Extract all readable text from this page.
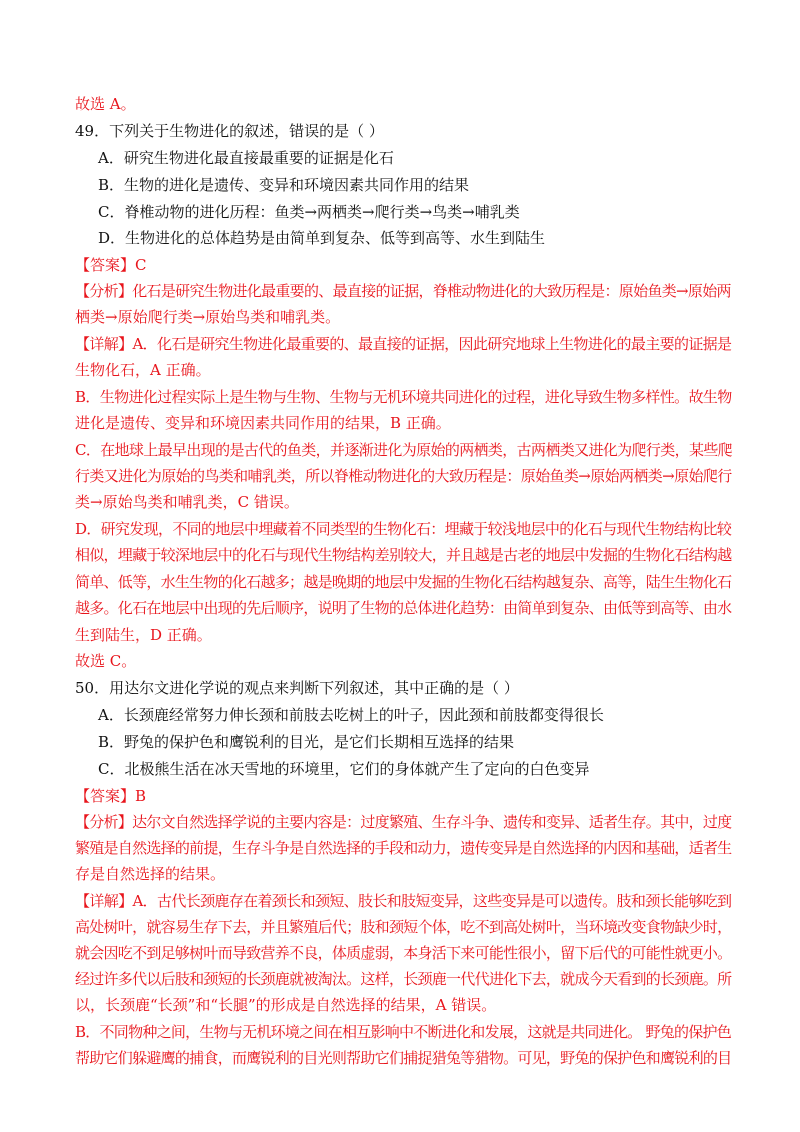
故选 A。
49．下列关于生物进化的叙述，错误的是（ ）
A．研究生物进化最直接最重要的证据是化石
B．生物的进化是遗传、变异和环境因素共同作用的结果
C．脊椎动物的进化历程：鱼类→两栖类→爬行类→鸟类→哺乳类
D．生物进化的总体趋势是由简单到复杂、低等到高等、水生到陆生
【答案】C
【分析】化石是研究生物进化最重要的、最直接的证据，脊椎动物进化的大致历程是：原始鱼类→原始两
栖类→原始爬行类→原始鸟类和哺乳类。
【详解】A．化石是研究生物进化最重要的、最直接的证据，因此研究地球上生物进化的最主要的证据是
生物化石，A 正确。
B．生物进化过程实际上是生物与生物、生物与无机环境共同进化的过程，进化导致生物多样性。故生物
进化是遗传、变异和环境因素共同作用的结果，B 正确。
C．在地球上最早出现的是古代的鱼类，并逐渐进化为原始的两栖类，古两栖类又进化为爬行类，某些爬
行类又进化为原始的鸟类和哺乳类，所以脊椎动物进化的大致历程是：原始鱼类→原始两栖类→原始爬行
类→原始鸟类和哺乳类，C 错误。
D．研究发现，不同的地层中埋藏着不同类型的生物化石：埋藏于较浅地层中的化石与现代生物结构比较
相似，埋藏于较深地层中的化石与现代生物结构差别较大，并且越是古老的地层中发掘的生物化石结构越
简单、低等，水生生物的化石越多；越是晚期的地层中发掘的生物化石结构越复杂、高等，陆生生物化石
越多。化石在地层中出现的先后顺序，说明了生物的总体进化趋势：由简单到复杂、由低等到高等、由水
生到陆生，D 正确。
故选 C。
50．用达尔文进化学说的观点来判断下列叙述，其中正确的是（ ）
A．长颈鹿经常努力伸长颈和前肢去吃树上的叶子，因此颈和前肢都变得很长
B．野兔的保护色和鹰锐利的目光，是它们长期相互选择的结果
C．北极熊生活在冰天雪地的环境里，它们的身体就产生了定向的白色变异
【答案】B
【分析】达尔文自然选择学说的主要内容是：过度繁殖、生存斗争、遗传和变异、适者生存。其中，过度
繁殖是自然选择的前提，生存斗争是自然选择的手段和动力，遗传变异是自然选择的内因和基础，适者生
存是自然选择的结果。
【详解】A．古代长颈鹿存在着颈长和颈短、肢长和肢短变异，这些变异是可以遗传。肢和颈长能够吃到
高处树叶，就容易生存下去，并且繁殖后代；肢和颈短个体，吃不到高处树叶，当环境改变食物缺少时，
就会因吃不到足够树叶而导致营养不良，体质虚弱，本身活下来可能性很小，留下后代的可能性就更小。
经过许多代以后肢和颈短的长颈鹿就被淘汰。这样，长颈鹿一代代进化下去，就成今天看到的长颈鹿。所
以，长颈鹿“长颈”和“长腿”的形成是自然选择的结果，A 错误。
B．不同物种之间，生物与无机环境之间在相互影响中不断进化和发展，这就是共同进化。 野兔的保护色
帮助它们躲避鹰的捕食，而鹰锐利的目光则帮助它们捕捉猎兔等猎物。可见，野兔的保护色和鹰锐利的目
